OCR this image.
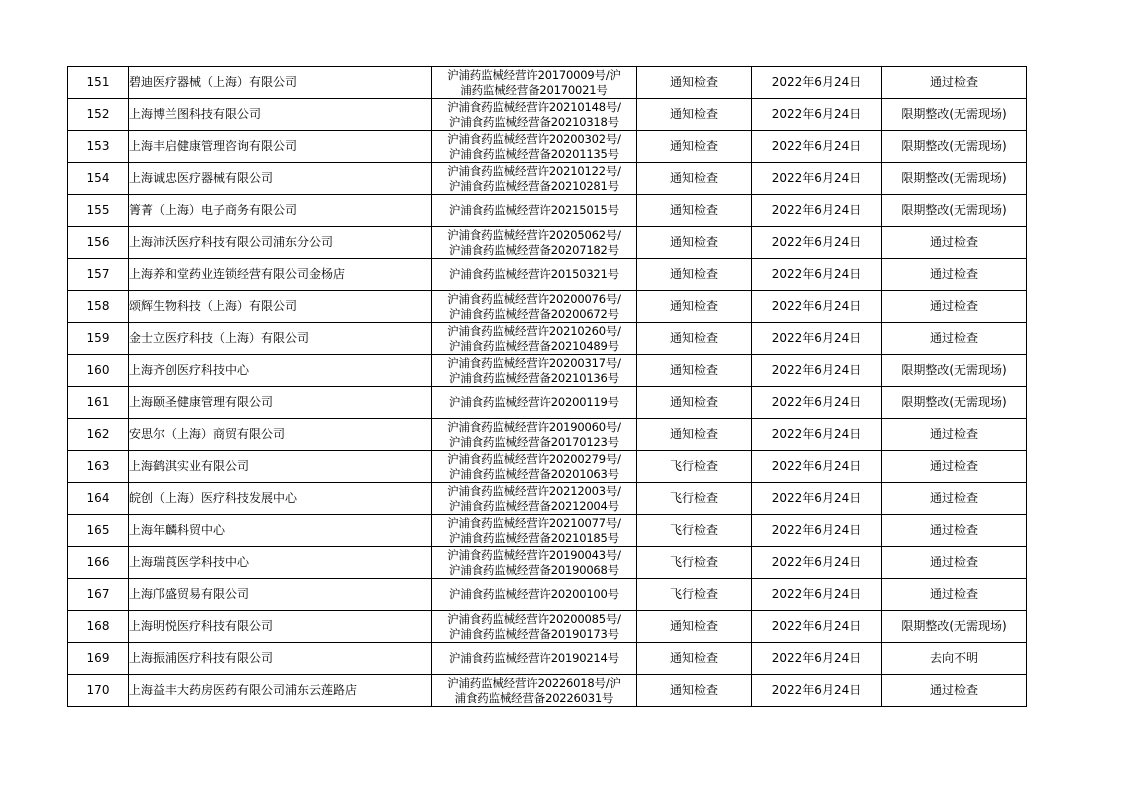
151	碧迪医疗器械（上海）有限公司	沪浦药监械经营许20170009号/沪
浦药监械经营备20170021号	通知检查	2022年6月24日	通过检查
152	上海博兰图科技有限公司	沪浦食药监械经营许20210148号/
沪浦食药监械经营备20210318号	通知检查	2022年6月24日	限期整改(无需现场)
153	上海丰启健康管理咨询有限公司	沪浦食药监械经营许20200302号/
沪浦食药监械经营备20201135号	通知检查	2022年6月24日	限期整改(无需现场)
154	上海诚忠医疗器械有限公司	沪浦食药监械经营许20210122号/
沪浦食药监械经营备20210281号	通知检查	2022年6月24日	限期整改(无需现场)
155	箐菁（上海）电子商务有限公司	沪浦食药监械经营许20215015号	通知检查	2022年6月24日	限期整改(无需现场)
156	上海沛沃医疗科技有限公司浦东分公司	沪浦食药监械经营许20205062号/
沪浦食药监械经营备20207182号	通知检查	2022年6月24日	通过检查
157	上海养和堂药业连锁经营有限公司金杨店	沪浦食药监械经营许20150321号	通知检查	2022年6月24日	通过检查
158	颂辉生物科技（上海）有限公司	沪浦食药监械经营许20200076号/
沪浦食药监械经营备20200672号	通知检查	2022年6月24日	通过检查
159	金士立医疗科技（上海）有限公司	沪浦食药监械经营许20210260号/
沪浦食药监械经营备20210489号	通知检查	2022年6月24日	通过检查
160	上海齐创医疗科技中心	沪浦食药监械经营许20200317号/
沪浦食药监械经营备20210136号	通知检查	2022年6月24日	限期整改(无需现场)
161	上海颐圣健康管理有限公司	沪浦食药监械经营许20200119号	通知检查	2022年6月24日	限期整改(无需现场)
162	安思尔（上海）商贸有限公司	沪浦食药监械经营许20190060号/
沪浦食药监械经营备20170123号	通知检查	2022年6月24日	通过检查
163	上海鹤淇实业有限公司	沪浦食药监械经营许20200279号/
沪浦食药监械经营备20201063号	飞行检查	2022年6月24日	通过检查
164	皖创（上海）医疗科技发展中心	沪浦食药监械经营许20212003号/
沪浦食药监械经营备20212004号	飞行检查	2022年6月24日	通过检查
165	上海年麟科贸中心	沪浦食药监械经营许20210077号/
沪浦食药监械经营备20210185号	飞行检查	2022年6月24日	通过检查
166	上海瑞莨医学科技中心	沪浦食药监械经营许20190043号/
沪浦食药监械经营备20190068号	飞行检查	2022年6月24日	通过检查
167	上海邝盛贸易有限公司	沪浦食药监械经营许20200100号	飞行检查	2022年6月24日	通过检查
168	上海明悦医疗科技有限公司	沪浦食药监械经营许20200085号/
沪浦食药监械经营备20190173号	通知检查	2022年6月24日	限期整改(无需现场)
169	上海振浦医疗科技有限公司	沪浦食药监械经营许20190214号	通知检查	2022年6月24日	去向不明
170	上海益丰大药房医药有限公司浦东云莲路店	沪浦药监械经营许20226018号/沪
浦食药监械经营备20226031号	通知检查	2022年6月24日	通过检查
